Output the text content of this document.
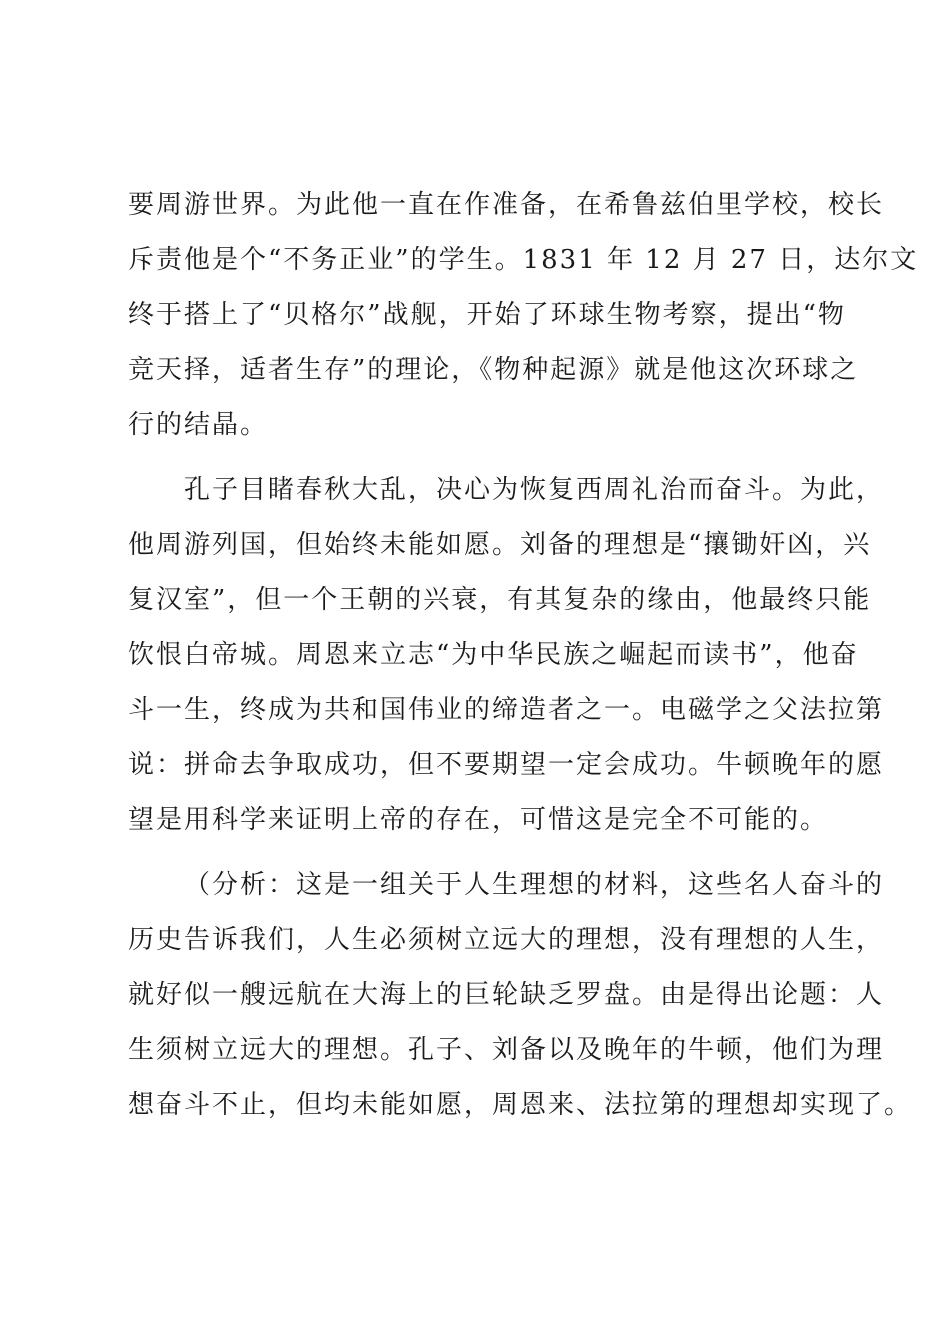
要周游世界。为此他一直在作准备，在希鲁兹伯里学校，校长
斥责他是个“不务正业”的学生。1831 年 12 月 27 日，达尔文
终于搭上了“贝格尔”战舰，开始了环球生物考察，提出“物
竞天择，适者生存”的理论，《物种起源》就是他这次环球之
行的结晶。
孔子目睹春秋大乱，决心为恢复西周礼治而奋斗。为此，
他周游列国，但始终未能如愿。刘备的理想是“攘锄奸凶，兴
复汉室”，但一个王朝的兴衰，有其复杂的缘由，他最终只能
饮恨白帝城。周恩来立志“为中华民族之崛起而读书”，他奋
斗一生，终成为共和国伟业的缔造者之一。电磁学之父法拉第
说：拼命去争取成功，但不要期望一定会成功。牛顿晚年的愿
望是用科学来证明上帝的存在，可惜这是完全不可能的。
（分析：这是一组关于人生理想的材料，这些名人奋斗的
历史告诉我们，人生必须树立远大的理想，没有理想的人生，
就好似一艘远航在大海上的巨轮缺乏罗盘。由是得出论题：人
生须树立远大的理想。孔子、刘备以及晚年的牛顿，他们为理
想奋斗不止，但均未能如愿，周恩来、法拉第的理想却实现了。
